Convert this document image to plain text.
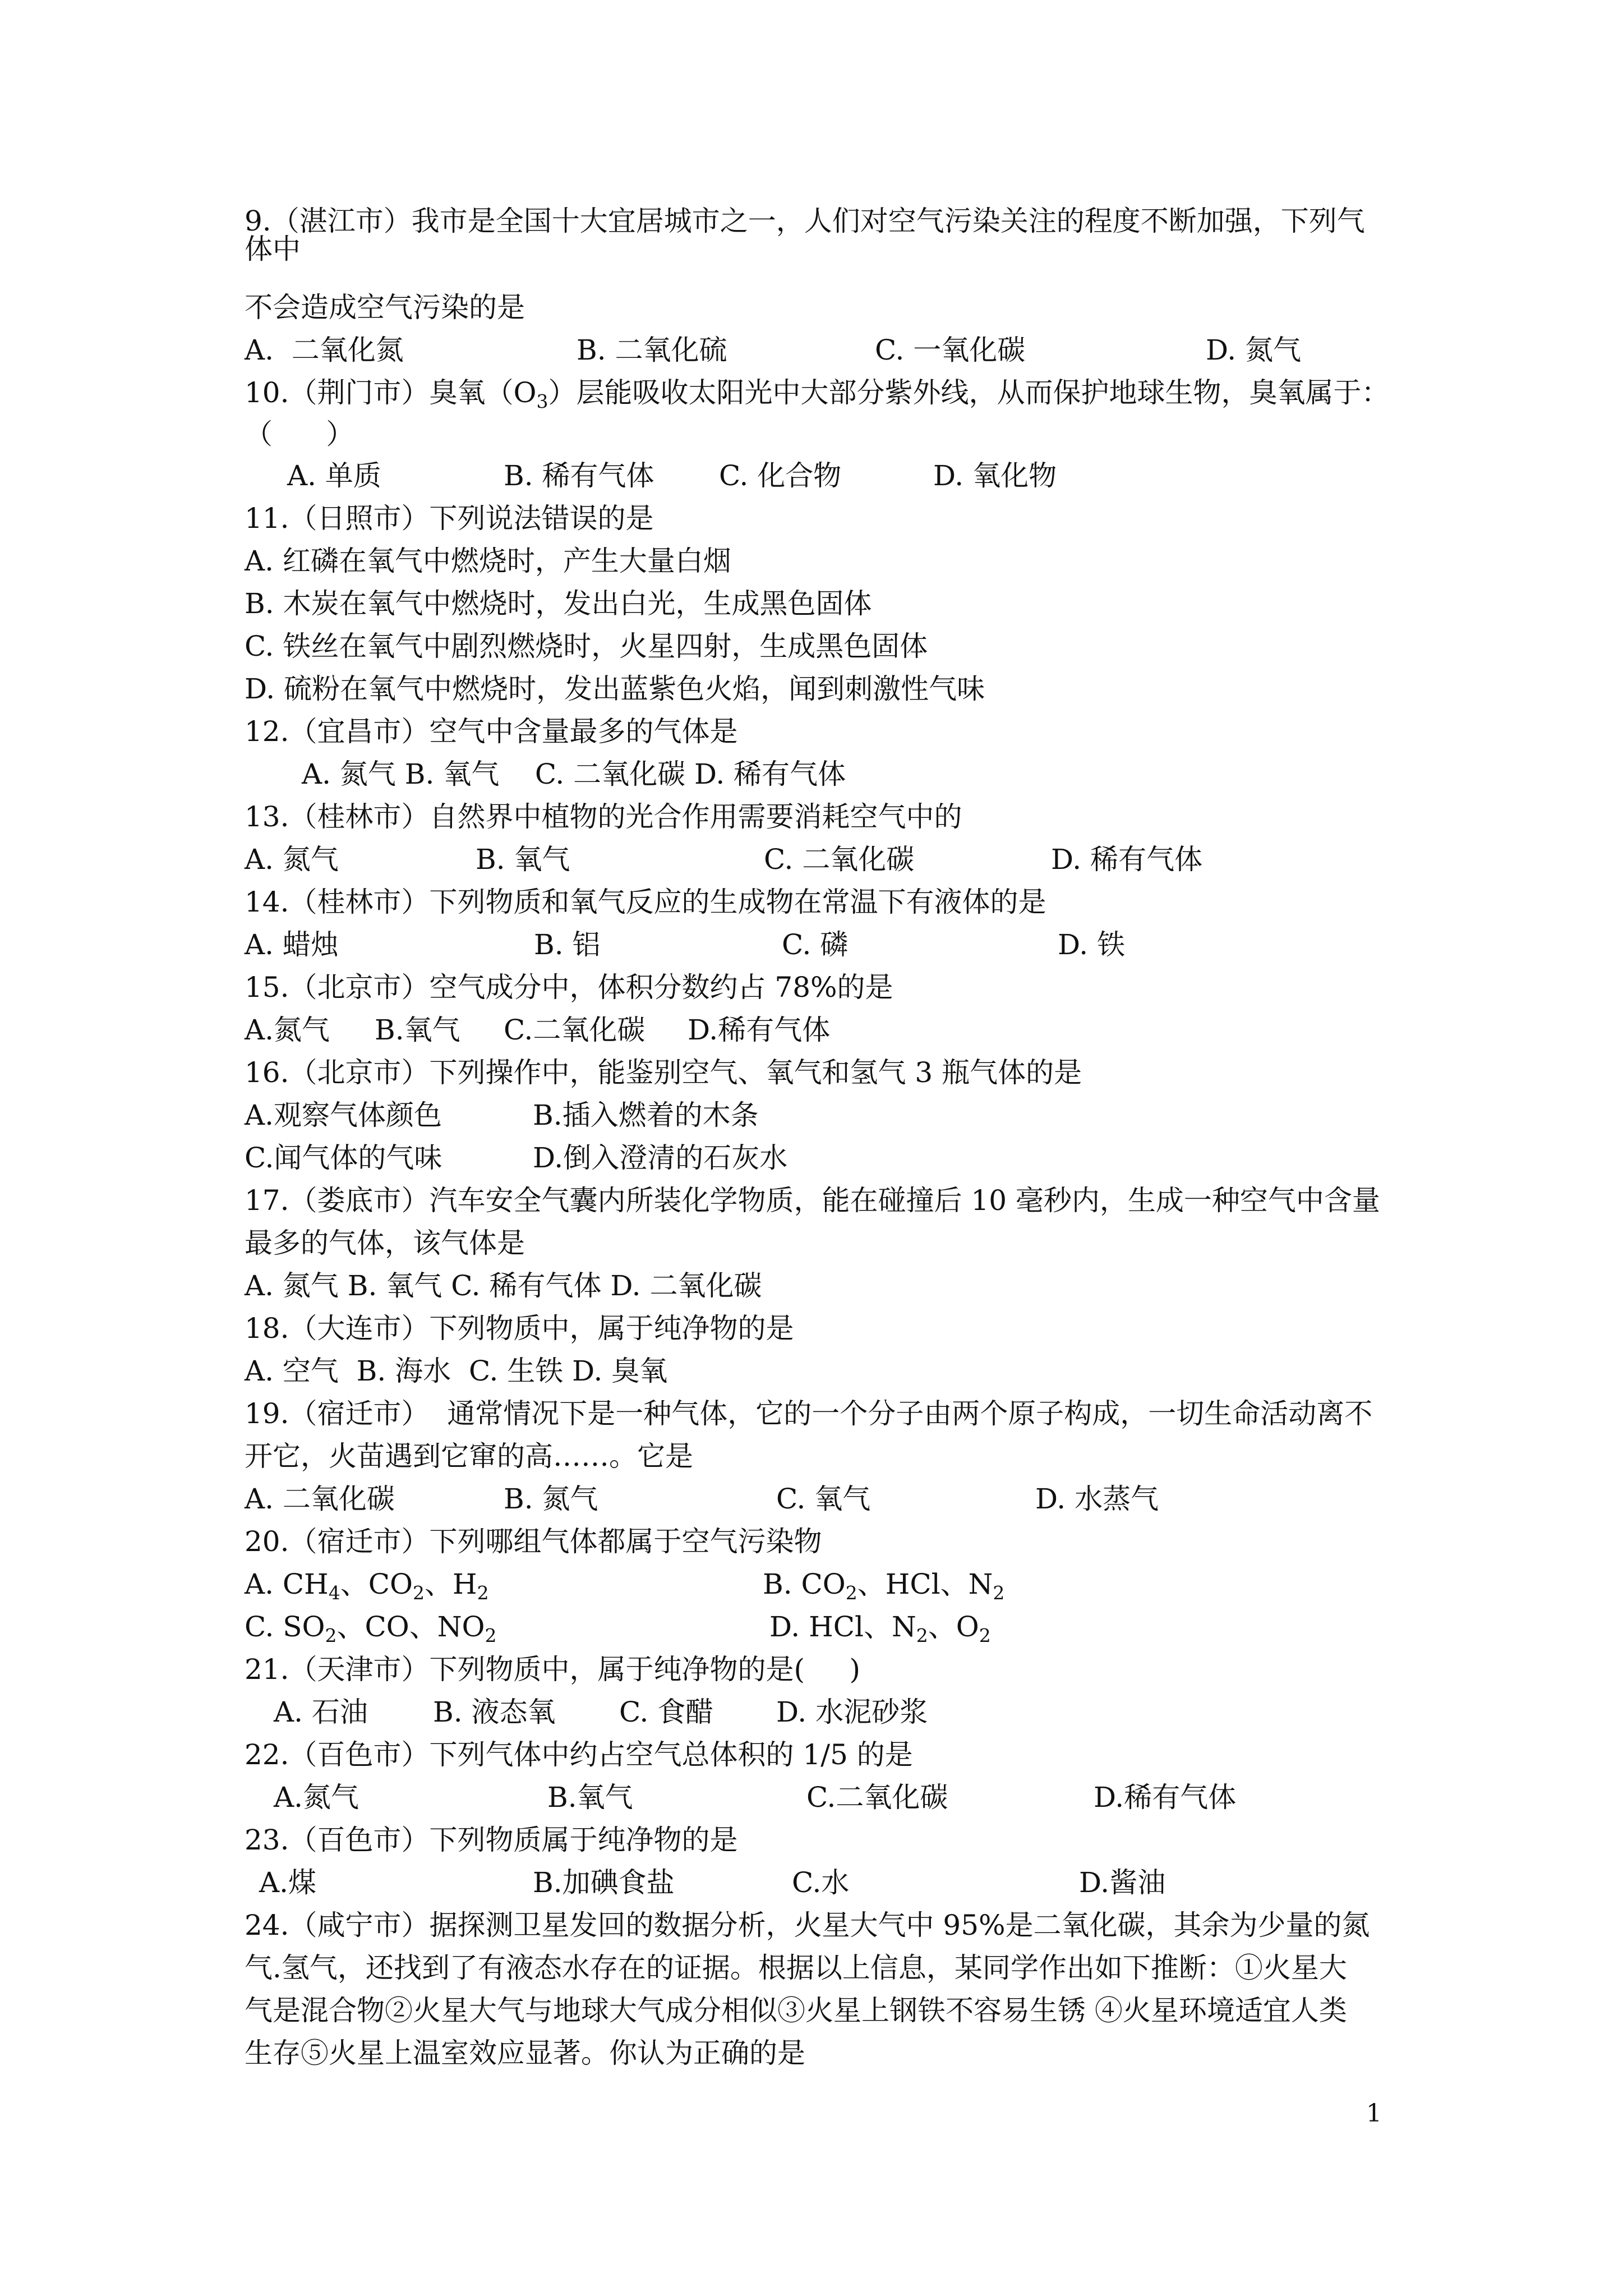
9.（湛江市）我市是全国十大宜居城市之一，人们对空气污染关注的程度不断加强，下列气
体中
不会造成空气污染的是
A.  二氧化氮	B. 二氧化硫	C. 一氧化碳	D. 氮气
10.（荆门市）臭氧$(O_3)$层能吸收太阳光中大部分紫外线，从而保护地球生物，臭氧属于：
（      ）
A. 单质	B. 稀有气体 C. 化合物	D. 氧化物
11.（日照市）下列说法错误的是
A. 红磷在氧气中燃烧时，产生大量白烟
B. 木炭在氧气中燃烧时，发出白光，生成黑色固体
C. 铁丝在氧气中剧烈燃烧时，火星四射，生成黑色固体
D. 硫粉在氧气中燃烧时，发出蓝紫色火焰，闻到刺激性气味
12.（宜昌市）空气中含量最多的气体是
A. 氮气 B. 氧气    C. 二氧化碳 D. 稀有气体
13.（桂林市）自然界中植物的光合作用需要消耗空气中的
A. 氮气	B. 氧气	C. 二氧化碳	D. 稀有气体
14.（桂林市）下列物质和氧气反应的生成物在常温下有液体的是
A. 蜡烛	B. 铝	C. 磷	D. 铁
15.（北京市）空气成分中，体积分数约占 78%的是
A.氮气 B.氧气 C.二氧化碳 D.稀有气体
16.（北京市）下列操作中，能鉴别空气、氧气和氢气 3 瓶气体的是
A.观察气体颜色	B.插入燃着的木条
C.闻气体的气味	D.倒入澄清的石灰水
17.（娄底市）汽车安全气囊内所装化学物质，能在碰撞后 10 毫秒内，生成一种空气中含量
最多的气体，该气体是
A. 氮气 B. 氧气 C. 稀有气体 D. 二氧化碳
18.（大连市）下列物质中，属于纯净物的是
A. 空气  B. 海水  C. 生铁 D. 臭氧
19.（宿迁市）  通常情况下是一种气体，它的一个分子由两个原子构成，一切生命活动离不
开它，火苗遇到它窜的高……。它是
A. 二氧化碳	B. 氮气	C. 氧气	D. 水蒸气
20.（宿迁市）下列哪组气体都属于空气污染物
A. $CH_4$、$CO_2$、$H_2$	B. $CO_2$、HCl、$N_2$
C. $SO_2$、CO、$NO_2$	D. HCl、$N_2$、$O_2$
21.（天津市）下列物质中，属于纯净物的是(     )
A. 石油 B. 液态氧 C. 食醋 D. 水泥砂浆
22.（百色市）下列气体中约占空气总体积的 1/5 的是
A.氮气	B.氧气	C.二氧化碳	D.稀有气体
23.（百色市）下列物质属于纯净物的是
A.煤	B.加碘食盐	C.水	D.酱油
24.（咸宁市）据探测卫星发回的数据分析，火星大气中 95%是二氧化碳，其余为少量的氮
气.氢气，还找到了有液态水存在的证据。根据以上信息，某同学作出如下推断：①火星大
气是混合物②火星大气与地球大气成分相似③火星上钢铁不容易生锈 ④火星环境适宜人类
生存⑤火星上温室效应显著。你认为正确的是
1
